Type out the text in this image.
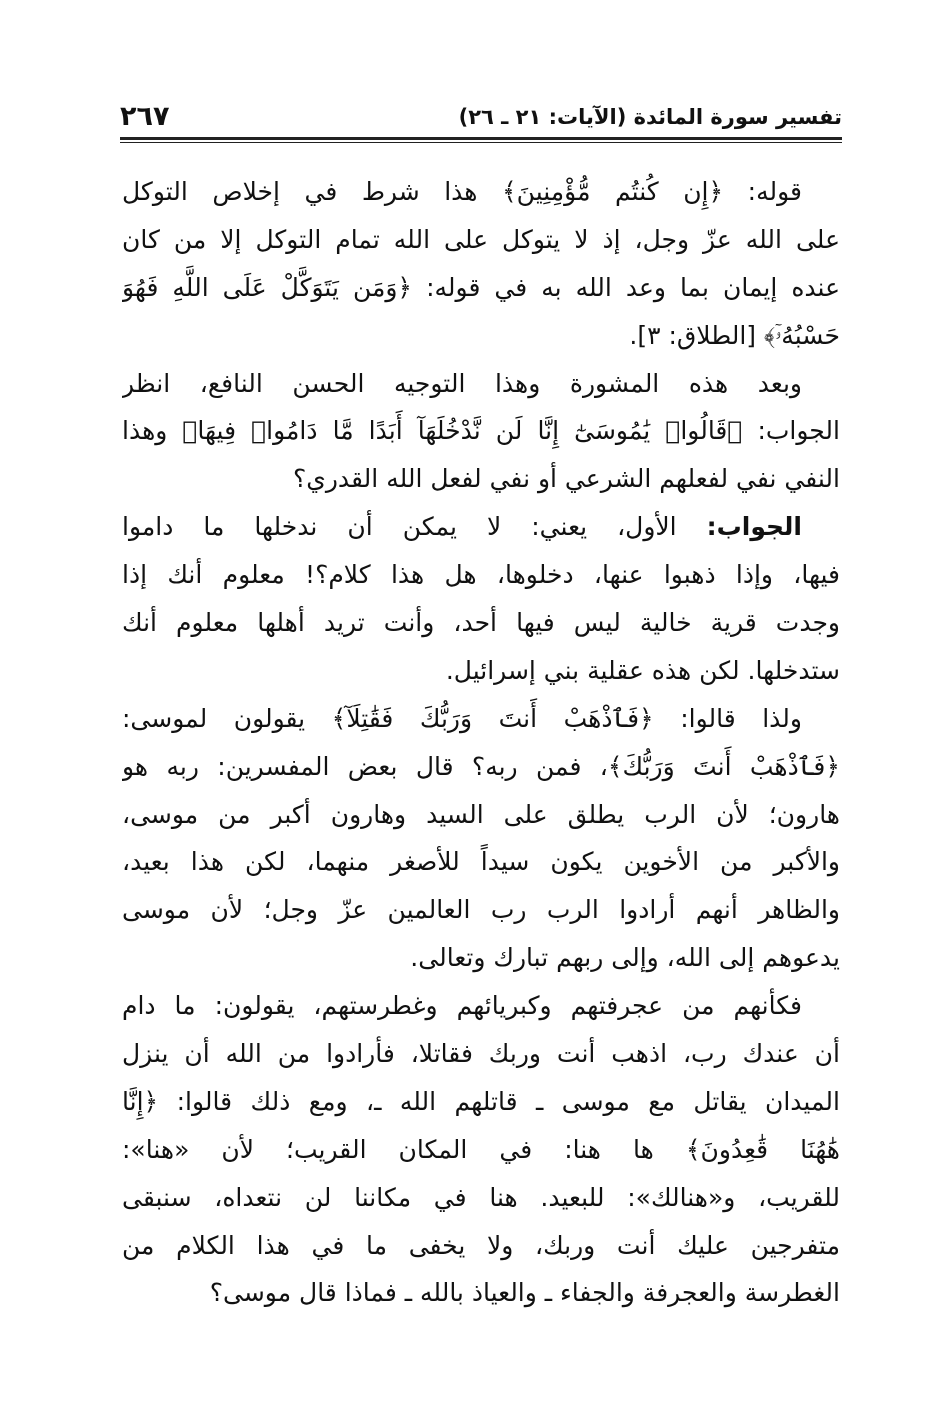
تفسير سورة المائدة (الآيات: ٢١ ـ ٢٦)
٢٦٧
قوله: ﴿إِن كُنتُم مُّؤْمِنِينَ﴾ هذا شرط في إخلاص التوكل
على الله عزّ وجل، إذ لا يتوكل على الله تمام التوكل إلا من كان
عنده إيمان بما وعد الله به في قوله: ﴿وَمَن يَتَوَكَّلْ عَلَى اللَّهِ فَهُوَ
حَسْبُهُۥٓ﴾ [الطلاق: ٣].
وبعد هذه المشورة وهذا التوجيه الحسن النافع، انظر
الجواب: ﴿قَالُوا۟ يَٰمُوسَىٰٓ إِنَّا لَن نَّدْخُلَهَآ أَبَدًا مَّا دَامُوا۟ فِيهَا﴾ وهذا
النفي نفي لفعلهم الشرعي أو نفي لفعل الله القدري؟
الجواب: الأول، يعني: لا يمكن أن ندخلها ما داموا
فيها، وإذا ذهبوا عنها، دخلوها، هل هذا كلام؟! معلوم أنك إذا
وجدت قرية خالية ليس فيها أحد، وأنت تريد أهلها معلوم أنك
ستدخلها. لكن هذه عقلية بني إسرائيل.
ولذا قالوا: ﴿فَٱذْهَبْ أَنتَ وَرَبُّكَ فَقَٰتِلَآ﴾ يقولون لموسى:
﴿فَٱذْهَبْ أَنتَ وَرَبُّكَ﴾، فمن ربه؟ قال بعض المفسرين: ربه هو
هارون؛ لأن الرب يطلق على السيد وهارون أكبر من موسى،
والأكبر من الأخوين يكون سيداً للأصغر منهما، لكن هذا بعيد،
والظاهر أنهم أرادوا الرب رب العالمين عزّ وجل؛ لأن موسى
يدعوهم إلى الله، وإلى ربهم تبارك وتعالى.
فكأنهم من عجرفتهم وكبريائهم وغطرستهم، يقولون: ما دام
أن عندك رب، اذهب أنت وربك فقاتلا، فأرادوا من الله أن ينزل
الميدان يقاتل مع موسى ـ قاتلهم الله ـ، ومع ذلك قالوا: ﴿إِنَّا
هَٰهُنَا قَٰعِدُونَ﴾ ها هنا: في المكان القريب؛ لأن «هنا»:
للقريب، و«هنالك»: للبعيد. هنا في مكاننا لن نتعداه، سنبقى
متفرجين عليك أنت وربك، ولا يخفى ما في هذا الكلام من
الغطرسة والعجرفة والجفاء ـ والعياذ بالله ـ فماذا قال موسى؟
